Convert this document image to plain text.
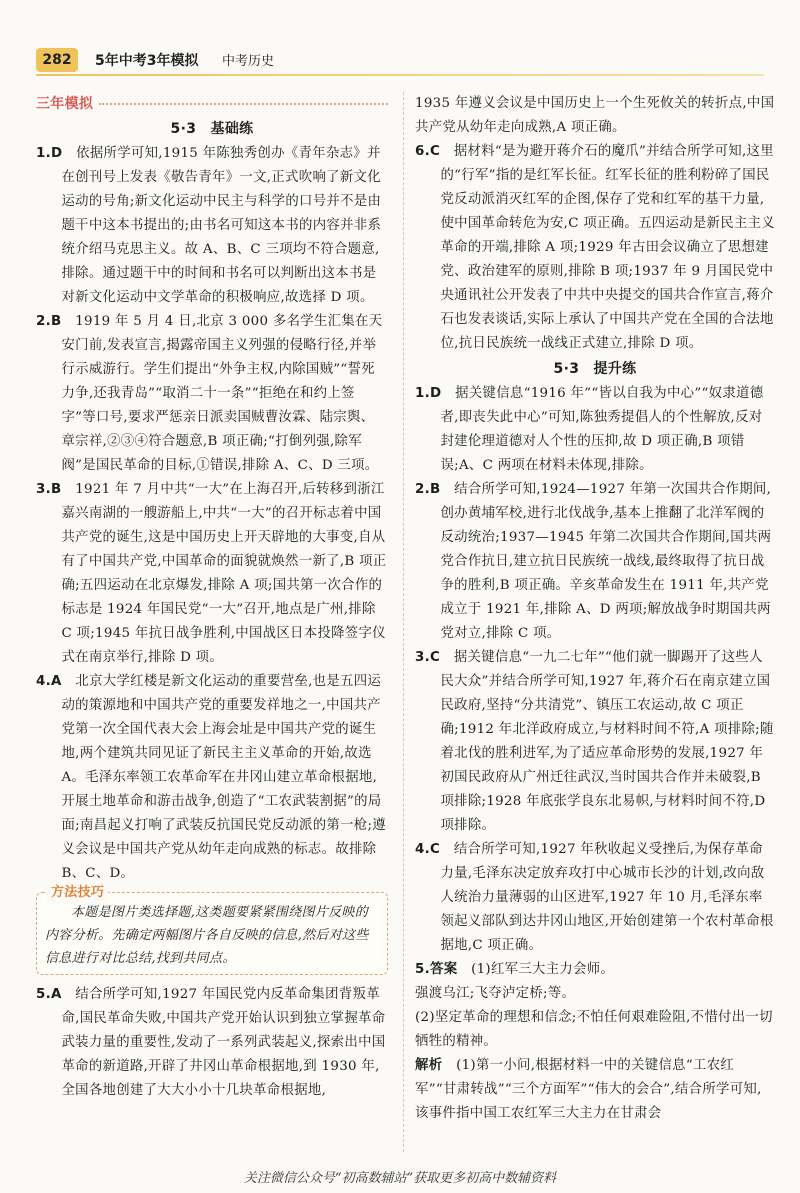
282	5年中考3年模拟 中考历史
三年模拟
5·3　基础练

1.D　 依据所学可知,1915 年陈独秀创办《青年杂志》并在创刊号上发表《敬告青年》一文,正式吹响了新文化运动的号角;新文化运动中民主与科学的口号并不是由题干中这本书提出的;由书名可知这本书的内容并非系统介绍马克思主义。故 A、B、C 三项均不符合题意,排除。通过题干中的时间和书名可以判断出这本书是对新文化运动中文学革命的积极响应,故选择 D 项。

2.B　 1919 年 5 月 4 日,北京 3 000 多名学生汇集在天安门前,发表宣言,揭露帝国主义列强的侵略行径,并举行示威游行。学生们提出“外争主权,内除国贼”“誓死力争,还我青岛”“取消二十一条”“拒绝在和约上签字”等口号,要求严惩亲日派卖国贼曹汝霖、陆宗舆、章宗祥,②③④符合题意,B 项正确;“打倒列强,除军阀”是国民革命的目标,①错误,排除 A、C、D 三项。

3.B　 1921 年 7 月中共“一大”在上海召开,后转移到浙江嘉兴南湖的一艘游船上,中共“一大”的召开标志着中国共产党的诞生,这是中国历史上开天辟地的大事变,自从有了中国共产党,中国革命的面貌就焕然一新了,B 项正确;五四运动在北京爆发,排除 A 项;国共第一次合作的标志是 1924 年国民党“一大”召开,地点是广州,排除 C 项;1945 年抗日战争胜利,中国战区日本投降签字仪式在南京举行,排除 D 项。

4.A　 北京大学红楼是新文化运动的重要营垒,也是五四运动的策源地和中国共产党的重要发祥地之一,中国共产党第一次全国代表大会上海会址是中国共产党的诞生地,两个建筑共同见证了新民主主义革命的开始,故选 A。毛泽东率领工农革命军在井冈山建立革命根据地,开展土地革命和游击战争,创造了“工农武装割据”的局面;南昌起义打响了武装反抗国民党反动派的第一枪;遵义会议是中国共产党从幼年走向成熟的标志。故排除 B、C、D。

方法技巧

本题是图片类选择题,这类题要紧紧围绕图片反映的内容分析。先确定两幅图片各自反映的信息,然后对这些信息进行对比总结,找到共同点。

5.A　 结合所学可知,1927 年国民党内反革命集团背叛革命,国民革命失败,中国共产党开始认识到独立掌握革命武装力量的重要性,发动了一系列武装起义,探索出中国革命的新道路,开辟了井冈山革命根据地,到 1930 年,全国各地创建了大大小小十几块革命根据地,

1935 年遵义会议是中国历史上一个生死攸关的转折点,中国共产党从幼年走向成熟,A 项正确。

6.C　 据材料“是为避开蒋介石的魔爪”并结合所学可知,这里的“行军”指的是红军长征。红军长征的胜利粉碎了国民党反动派消灭红军的企图,保存了党和红军的基干力量,使中国革命转危为安,C 项正确。五四运动是新民主主义革命的开端,排除 A 项;1929 年古田会议确立了思想建党、政治建军的原则,排除 B 项;1937 年 9 月国民党中央通讯社公开发表了中共中央提交的国共合作宣言,蒋介石也发表谈话,实际上承认了中国共产党在全国的合法地位,抗日民族统一战线正式建立,排除 D 项。

5·3　提升练

1.D　 据关键信息“1916 年”“皆以自我为中心”“奴隶道德者,即丧失此中心”可知,陈独秀提倡人的个性解放,反对封建伦理道德对人个性的压抑,故 D 项正确,B 项错误;A、C 两项在材料未体现,排除。

2.B　 结合所学可知,1924—1927 年第一次国共合作期间,创办黄埔军校,进行北伐战争,基本上推翻了北洋军阀的反动统治;1937—1945 年第二次国共合作期间,国共两党合作抗日,建立抗日民族统一战线,最终取得了抗日战争的胜利,B 项正确。辛亥革命发生在 1911 年,共产党成立于 1921 年,排除 A、D 两项;解放战争时期国共两党对立,排除 C 项。

3.C　 据关键信息“一九二七年”“他们就一脚踢开了这些人民大众”并结合所学可知,1927 年,蒋介石在南京建立国民政府,坚持“分共清党”、镇压工农运动,故 C 项正确;1912 年北洋政府成立,与材料时间不符,A 项排除;随着北伐的胜利进军,为了适应革命形势的发展,1927 年初国民政府从广州迁往武汉,当时国共合作并未破裂,B 项排除;1928 年底张学良东北易帜,与材料时间不符,D 项排除。

4.C　 结合所学可知,1927 年秋收起义受挫后,为保存革命力量,毛泽东决定放弃攻打中心城市长沙的计划,改向敌人统治力量薄弱的山区进军,1927 年 10 月,毛泽东率领起义部队到达井冈山地区,开始创建第一个农村革命根据地,C 项正确。

5.答案　 (1)红军三大主力会师。

强渡乌江;飞夺泸定桥;等。

(2)坚定革命的理想和信念;不怕任何艰难险阻,不惜付出一切牺牲的精神。

解析　 (1)第一小问,根据材料一中的关键信息“工农红军”“甘肃转战”“三个方面军”“伟大的会合”,结合所学可知,该事件指中国工农红军三大主力在甘肃会

关注微信公众号“初高数辅站”获取更多初高中数辅资料
